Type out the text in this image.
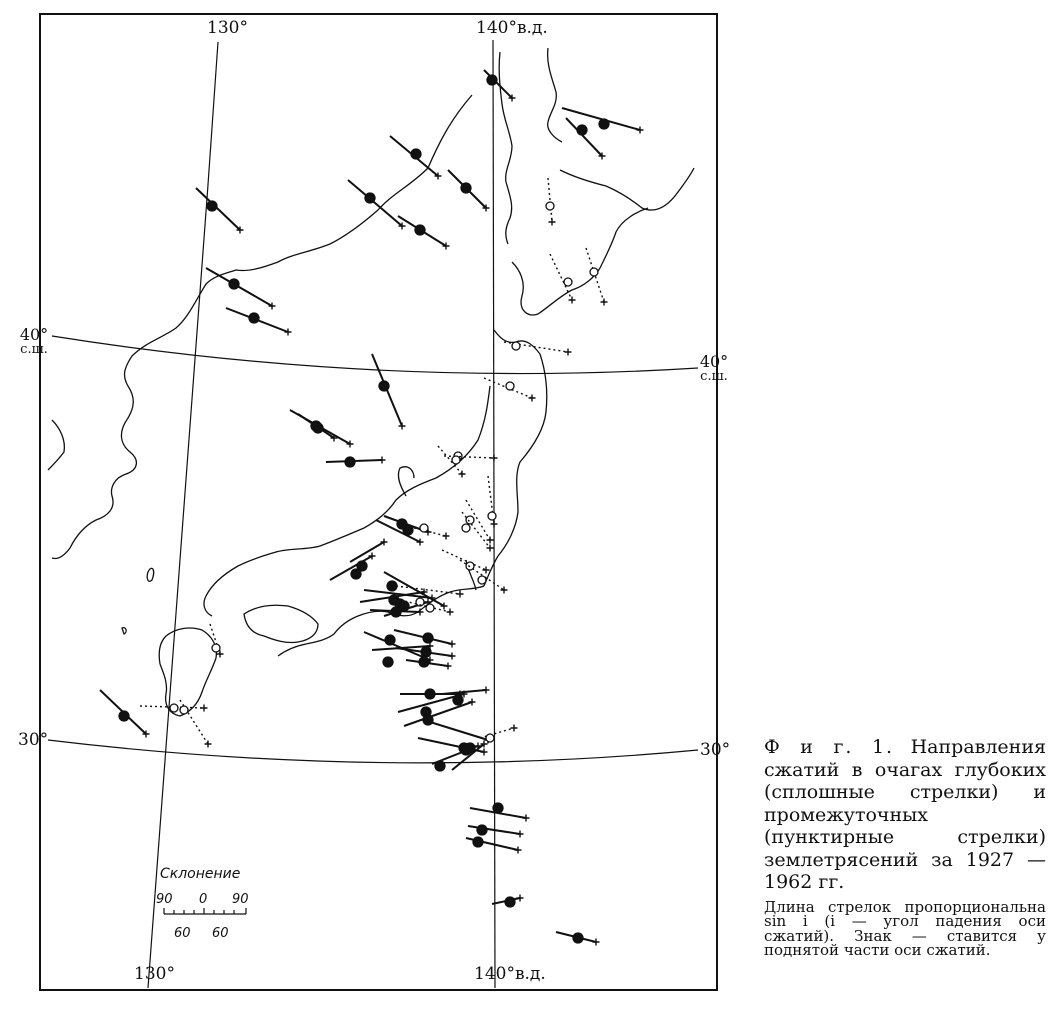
130°	140°в.д.
130°	140°в.д.
40°
с.ш.
40°
с.ш.
30°	30°
Склонение
90 0 90
60 60

Ф и г. 1. Направления сжатий в очагах глубоких (сплошные стрелки) и промежуточных (пунктирные стрелки) землетрясений за 1927 — 1962 гг.

Длина стрелок пропорциональна sin i (i — угол падения оси сжатий). Знак — ставится у поднятой части оси сжатий.
